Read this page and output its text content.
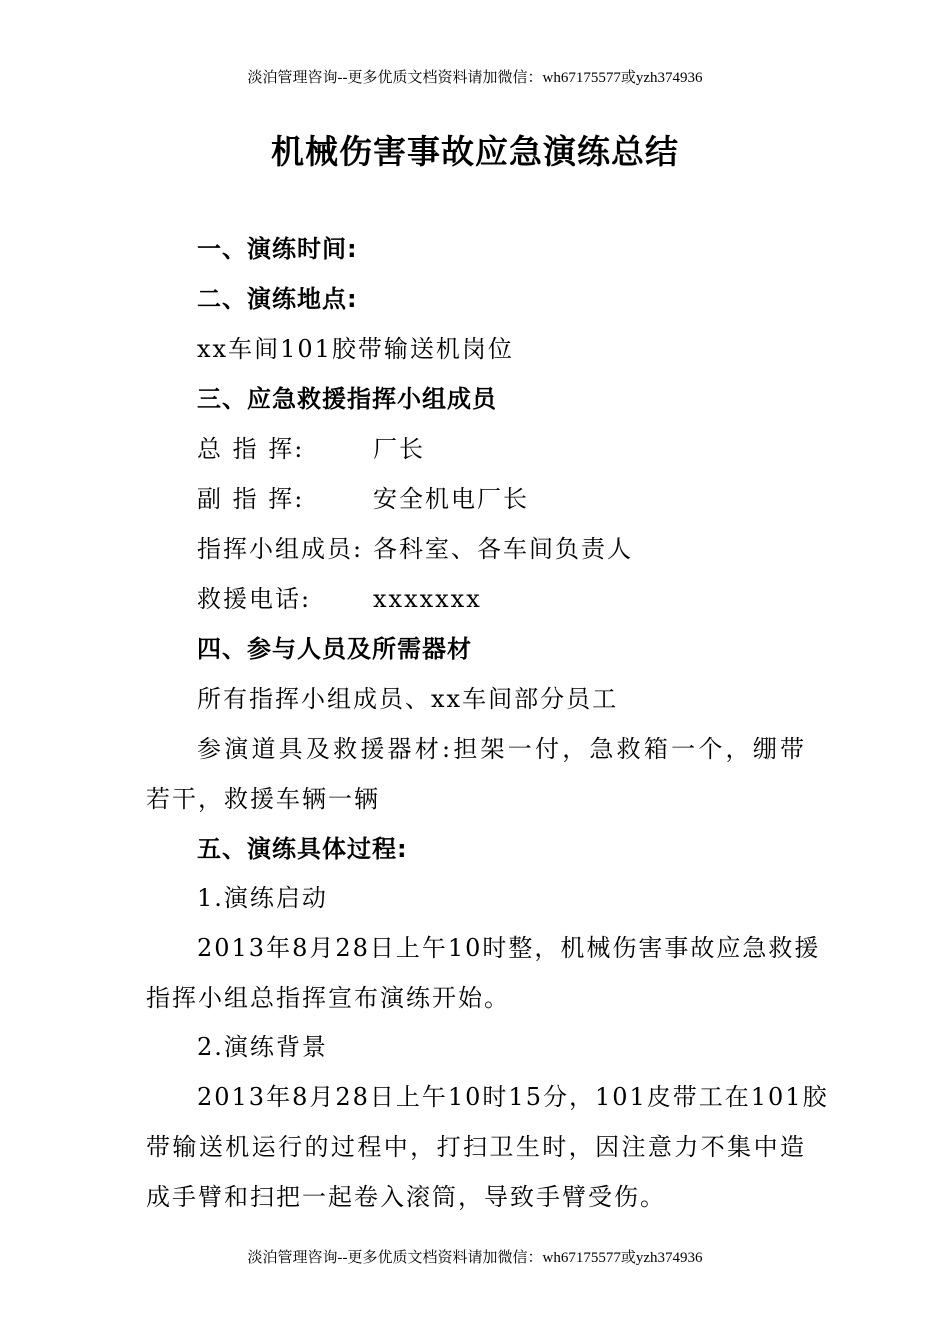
淡泊管理咨询--更多优质文档资料请加微信：wh67175577或yzh374936
机械伤害事故应急演练总结
一、演练时间:
二、演练地点:
xx车间101胶带输送机岗位
三、应急救援指挥小组成员
总 指 挥:	厂长
副 指 挥:	安全机电厂长
指挥小组成员: 各科室、各车间负责人
救援电话:	xxxxxxx
四、参与人员及所需器材
所有指挥小组成员、xx车间部分员工
参演道具及救援器材:担架一付，急救箱一个，绷带
若干，救援车辆一辆
五、演练具体过程:
1.演练启动
2013年8月28日上午10时整，机械伤害事故应急救援
指挥小组总指挥宣布演练开始。
2.演练背景
2013年8月28日上午10时15分，101皮带工在101胶
带输送机运行的过程中，打扫卫生时，因注意力不集中造
成手臂和扫把一起卷入滚筒，导致手臂受伤。
淡泊管理咨询--更多优质文档资料请加微信：wh67175577或yzh374936
